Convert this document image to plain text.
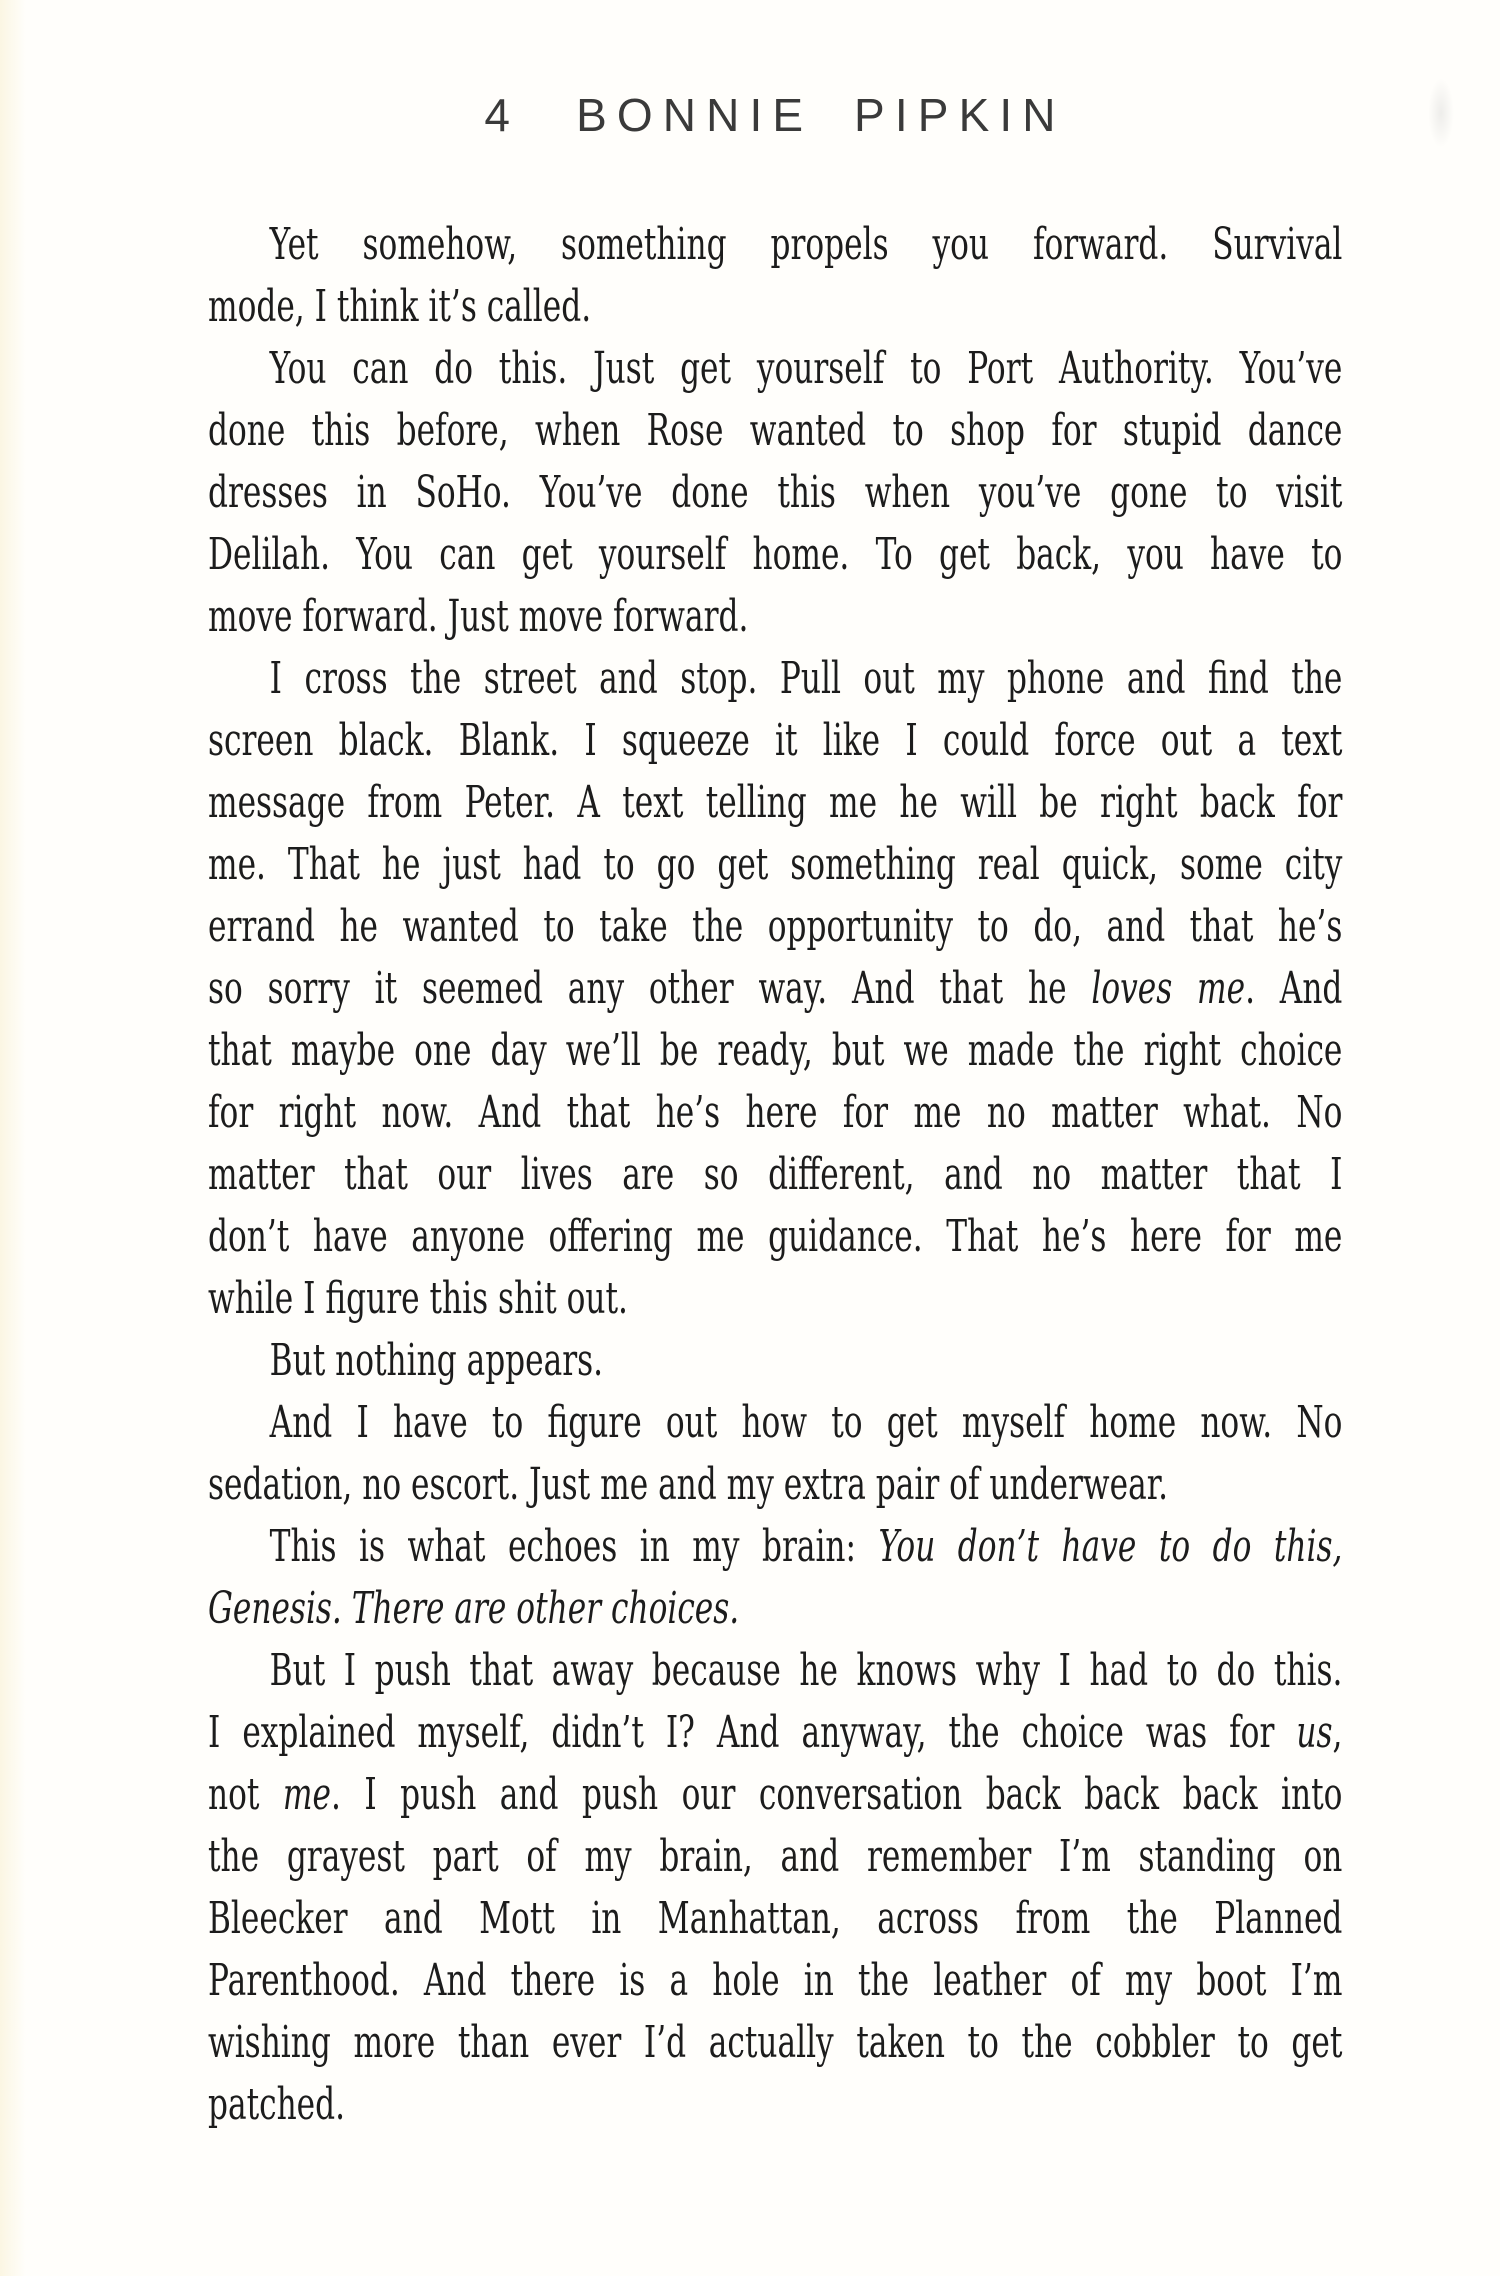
4 BONNIE PIPKIN
Yet somehow, something propels you forward. Survival
mode, I think it’s called.
You can do this. Just get yourself to Port Authority. You’ve
done this before, when Rose wanted to shop for stupid dance
dresses in SoHo. You’ve done this when you’ve gone to visit
Delilah. You can get yourself home. To get back, you have to
move forward. Just move forward.
I cross the street and stop. Pull out my phone and find the
screen black. Blank. I squeeze it like I could force out a text
message from Peter. A text telling me he will be right back for
me. That he just had to go get something real quick, some city
errand he wanted to take the opportunity to do, and that he’s
so sorry it seemed any other way. And that he loves me. And
that maybe one day we’ll be ready, but we made the right choice
for right now. And that he’s here for me no matter what. No
matter that our lives are so different, and no matter that I
don’t have anyone offering me guidance. That he’s here for me
while I figure this shit out.
But nothing appears.
And I have to figure out how to get myself home now. No
sedation, no escort. Just me and my extra pair of underwear.
This is what echoes in my brain: You don’t have to do this,
Genesis. There are other choices.
But I push that away because he knows why I had to do this.
I explained myself, didn’t I? And anyway, the choice was for us,
not me. I push and push our conversation back back back into
the grayest part of my brain, and remember I’m standing on
Bleecker and Mott in Manhattan, across from the Planned
Parenthood. And there is a hole in the leather of my boot I’m
wishing more than ever I’d actually taken to the cobbler to get
patched.
